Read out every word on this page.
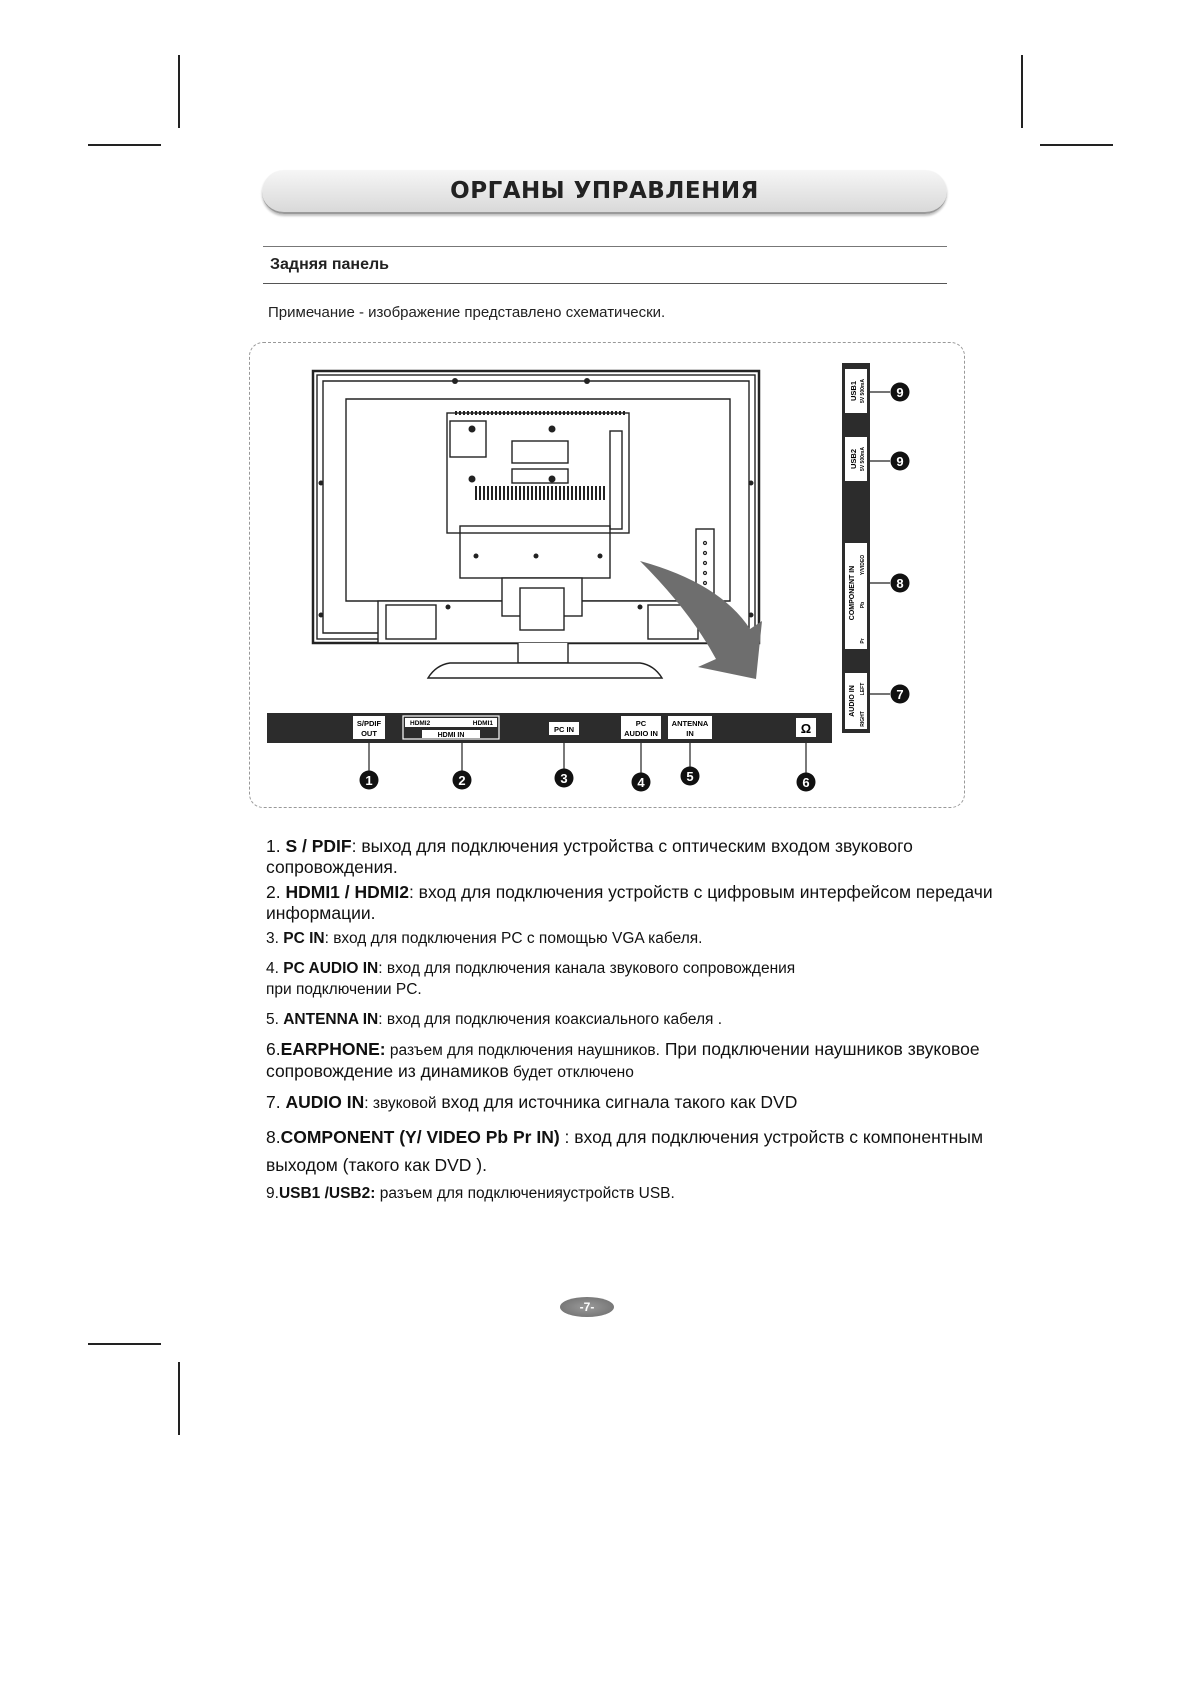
ОРГАНЫ УПРАВЛЕНИЯ
Задняя панель
Примечание - изображение представлено схематически.
S/PDIF
OUT
HDMI2	HDMI1
HDMI IN
PC IN
PC
AUDIO IN
ANTENNA
IN	Ω
1	2	3	4	5	6
USB1 5V 500mA
USB2 5V 500mA
COMPONENT IN
Y/VIDEO
Pb
Pr
AUDIO IN
RIGHT
LEFT
9
9
8
7

1. S / PDIF: выход для подключения устройства с оптическим входом звукового сопровождения.

2. HDMI1 / HDMI2: вход для подключения устройств с цифровым интерфейсом передачи информации.

3. PC IN: вход для подключения PC с помощью VGA кабеля.

4. PC AUDIO IN: вход для подключения канала звукового сопровождения
при подключении PC.

5. ANTENNA IN: вход для подключения коаксиального кабеля .

6.EARPHONE: разъем для подключения наушников. При подключении наушников звуковое сопровождение из динамиков будет отключено

7. AUDIO IN: звуковой вход для источника сигнала такого как DVD

8.COMPONENT (Y/ VIDEO Pb Pr IN) : вход для подключения устройств с компонентным выходом (такого как DVD ).

9.USB1 /USB2: разъем для подключенияустройств USB.

-7-
